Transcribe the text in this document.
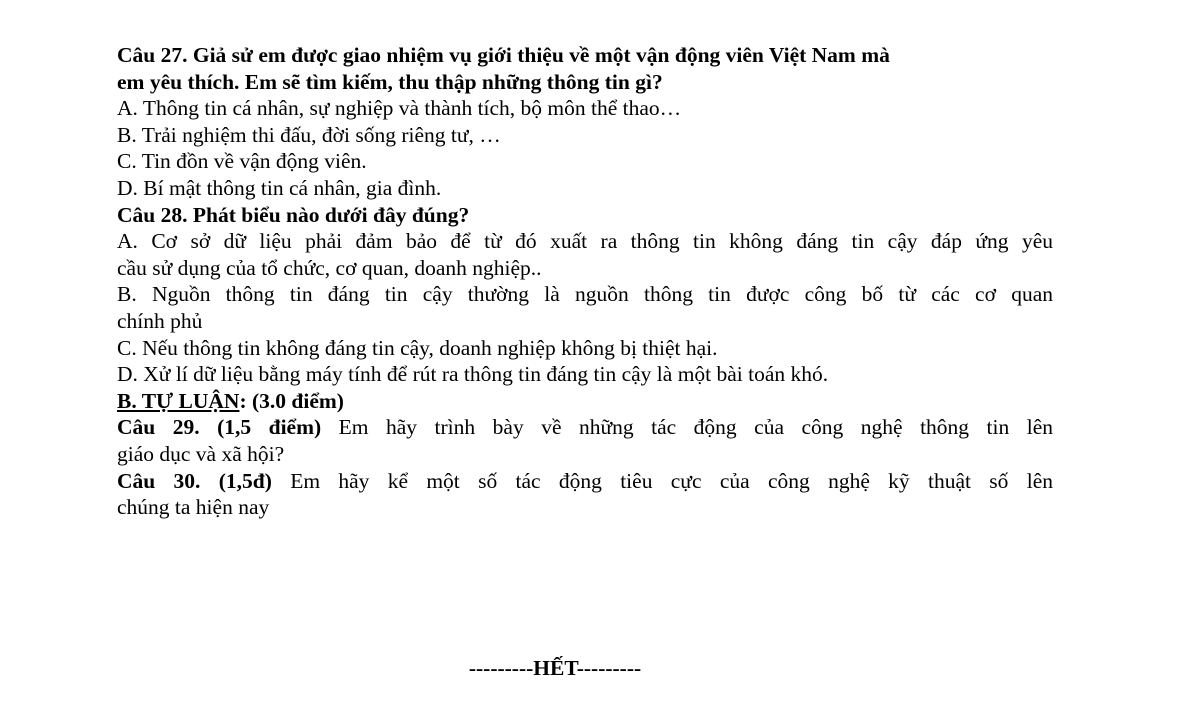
Câu 27. Giả sử em được giao nhiệm vụ giới thiệu về một vận động viên Việt Nam mà
em yêu thích. Em sẽ tìm kiếm, thu thập những thông tin gì?
A. Thông tin cá nhân, sự nghiệp và thành tích, bộ môn thể thao…
B. Trải nghiệm thi đấu, đời sống riêng tư, …
C. Tin đồn về vận động viên.
D. Bí mật thông tin cá nhân, gia đình.
Câu 28. Phát biểu nào dưới đây đúng?
A. Cơ sở dữ liệu phải đảm bảo để từ đó xuất ra thông tin không đáng tin cậy đáp ứng yêu
cầu sử dụng của tổ chức, cơ quan, doanh nghiệp..
B. Nguồn thông tin đáng tin cậy thường là nguồn thông tin được công bố từ các cơ quan
chính phủ
C. Nếu thông tin không đáng tin cậy, doanh nghiệp không bị thiệt hại.
D. Xử lí dữ liệu bằng máy tính để rút ra thông tin đáng tin cậy là một bài toán khó.
B. TỰ LUẬN: (3.0 điểm)
Câu 29. (1,5 điểm) Em hãy trình bày về những tác động của công nghệ thông tin lên
giáo dục và xã hội?
Câu 30. (1,5đ) Em hãy kể một số tác động tiêu cực của công nghệ kỹ thuật số lên
chúng ta hiện nay
---------HẾT---------
